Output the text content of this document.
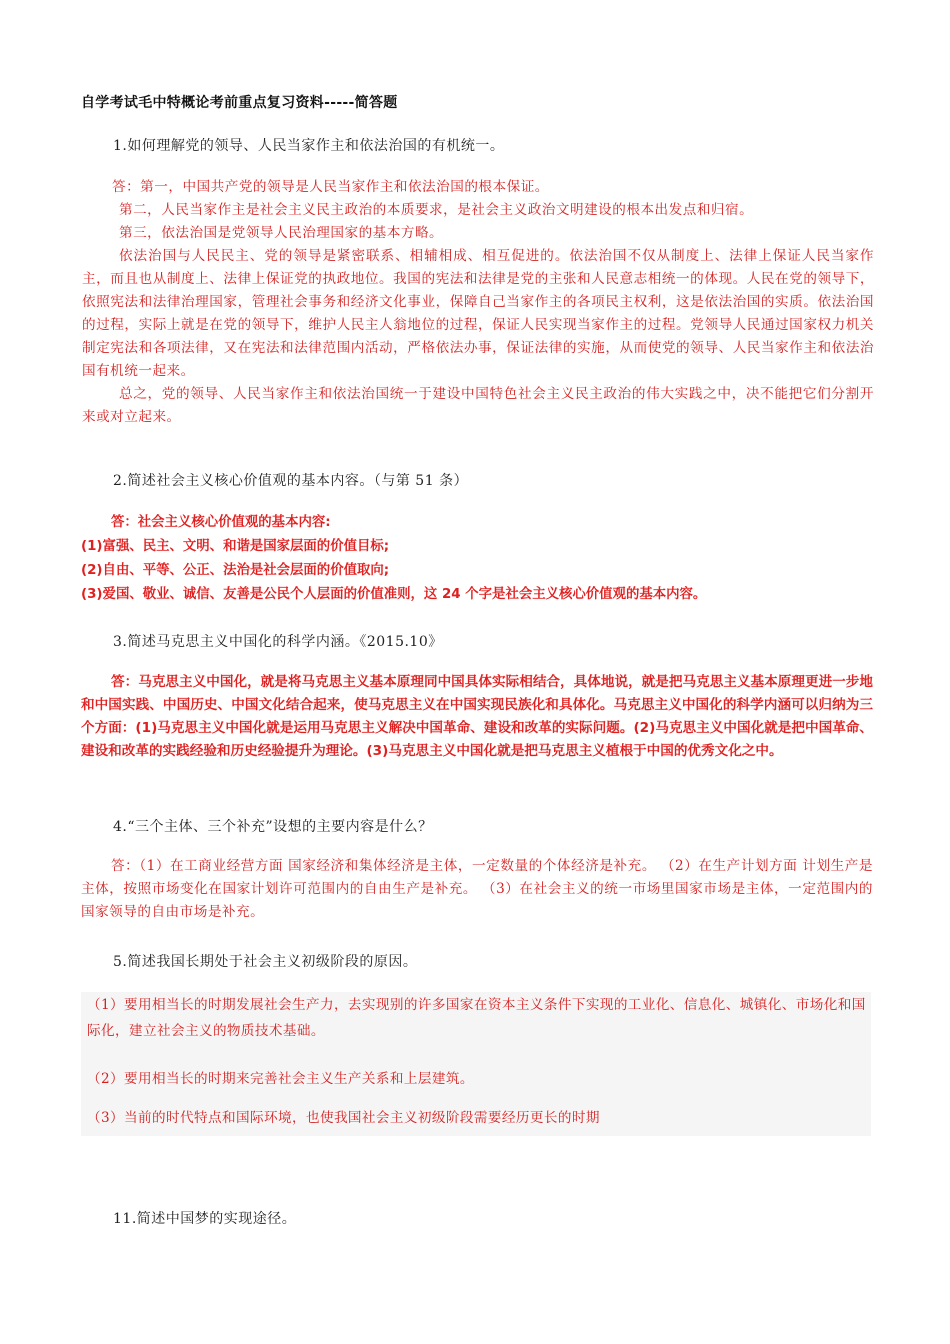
自学考试毛中特概论考前重点复习资料-----简答题
1.如何理解党的领导、人民当家作主和依法治国的有机统一。

答：第一，中国共产党的领导是人民当家作主和依法治国的根本保证。

第二，人民当家作主是社会主义民主政治的本质要求，是社会主义政治文明建设的根本出发点和归宿。

第三，依法治国是党领导人民治理国家的基本方略。

依法治国与人民民主、党的领导是紧密联系、相辅相成、相互促进的。依法治国不仅从制度上、法律上保证人民当家作主，而且也从制度上、法律上保证党的执政地位。我国的宪法和法律是党的主张和人民意志相统一的体现。人民在党的领导下，依照宪法和法律治理国家，管理社会事务和经济文化事业，保障自己当家作主的各项民主权利，这是依法治国的实质。依法治国的过程，实际上就是在党的领导下，维护人民主人翁地位的过程，保证人民实现当家作主的过程。党领导人民通过国家权力机关制定宪法和各项法律，又在宪法和法律范围内活动，严格依法办事，保证法律的实施，从而使党的领导、人民当家作主和依法治国有机统一起来。

总之，党的领导、人民当家作主和依法治国统一于建设中国特色社会主义民主政治的伟大实践之中，决不能把它们分割开来或对立起来。

2.简述社会主义核心价值观的基本内容。（与第 51 条）

答：社会主义核心价值观的基本内容:

(1)富强、民主、文明、和谐是国家层面的价值目标;

(2)自由、平等、公正、法治是社会层面的价值取向;

(3)爱国、敬业、诚信、友善是公民个人层面的价值准则，这 24 个字是社会主义核心价值观的基本内容。

3.简述马克思主义中国化的科学内涵。《2015.10》
答：马克思主义中国化，就是将马克思主义基本原理同中国具体实际相结合，具体地说，就是把马克思主义基本原理更进一步地和中国实践、中国历史、中国文化结合起来，使马克思主义在中国实现民族化和具体化。马克思主义中国化的科学内涵可以归纳为三个方面：(1)马克思主义中国化就是运用马克思主义解决中国革命、建设和改革的实际问题。(2)马克思主义中国化就是把中国革命、建设和改革的实践经验和历史经验提升为理论。(3)马克思主义中国化就是把马克思主义植根于中国的优秀文化之中。
4.“三个主体、三个补充”设想的主要内容是什么？
答：（1）在工商业经营方面 国家经济和集体经济是主体，一定数量的个体经济是补充。 （2）在生产计划方面 计划生产是主体，按照市场变化在国家计划许可范围内的自由生产是补充。 （3）在社会主义的统一市场里国家市场是主体，一定范围内的国家领导的自由市场是补充。
5.简述我国长期处于社会主义初级阶段的原因。

（1）要用相当长的时期发展社会生产力，去实现别的许多国家在资本主义条件下实现的工业化、信息化、城镇化、市场化和国际化，建立社会主义的物质技术基础。

（2）要用相当长的时期来完善社会主义生产关系和上层建筑。

（3）当前的时代特点和国际环境，也使我国社会主义初级阶段需要经历更长的时期

11.简述中国梦的实现途径。
